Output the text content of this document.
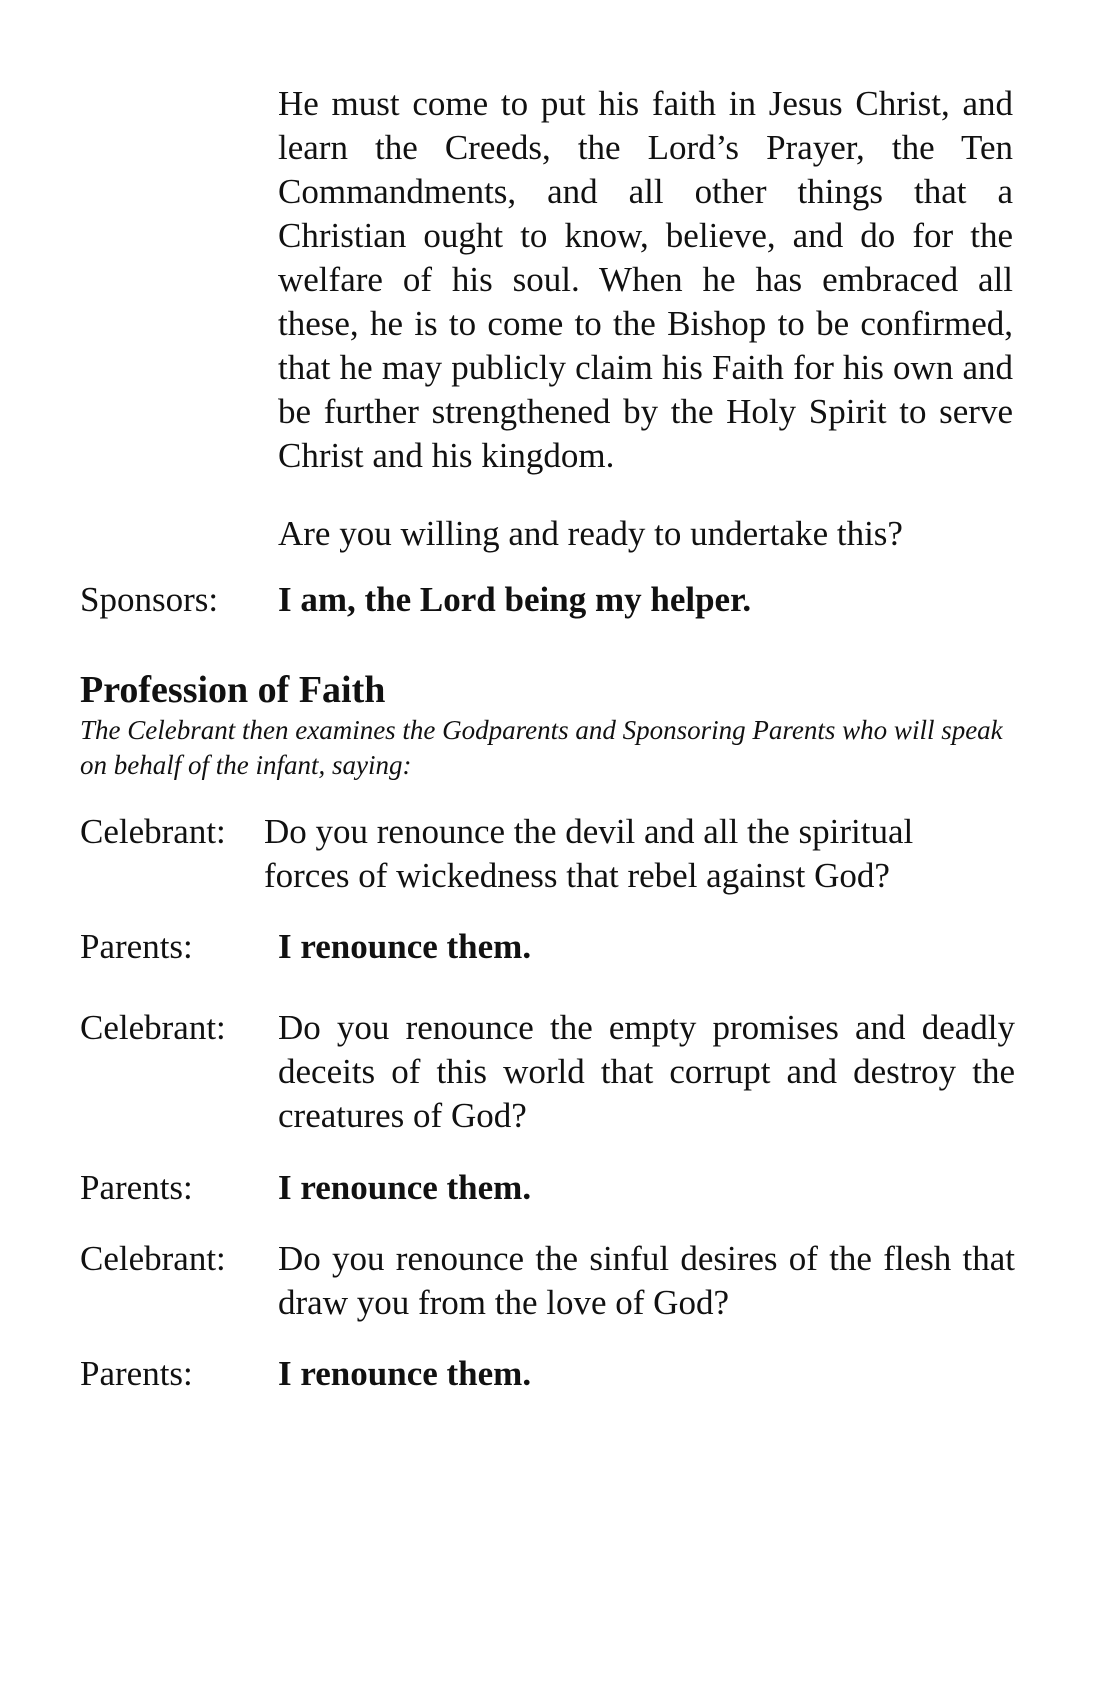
He must come to put his faith in Jesus Christ, and learn the Creeds, the Lord’s Prayer, the Ten Commandments, and all other things that a Christian ought to know, believe, and do for the welfare of his soul. When he has embraced all these, he is to come to the Bishop to be confirmed, that he may publicly claim his Faith for his own and be further strengthened by the Holy Spirit to serve Christ and his kingdom.
Are you willing and ready to undertake this?
Sponsors: I am, the Lord being my helper.
Profession of Faith
The Celebrant then examines the Godparents and Sponsoring Parents who will speak on behalf of the infant, saying:
Celebrant: Do you renounce the devil and all the spiritual forces of wickedness that rebel against God?
Parents: I renounce them.
Celebrant: Do you renounce the empty promises and deadly deceits of this world that corrupt and destroy the creatures of God?
Parents: I renounce them.
Celebrant: Do you renounce the sinful desires of the flesh that draw you from the love of God?
Parents: I renounce them.
